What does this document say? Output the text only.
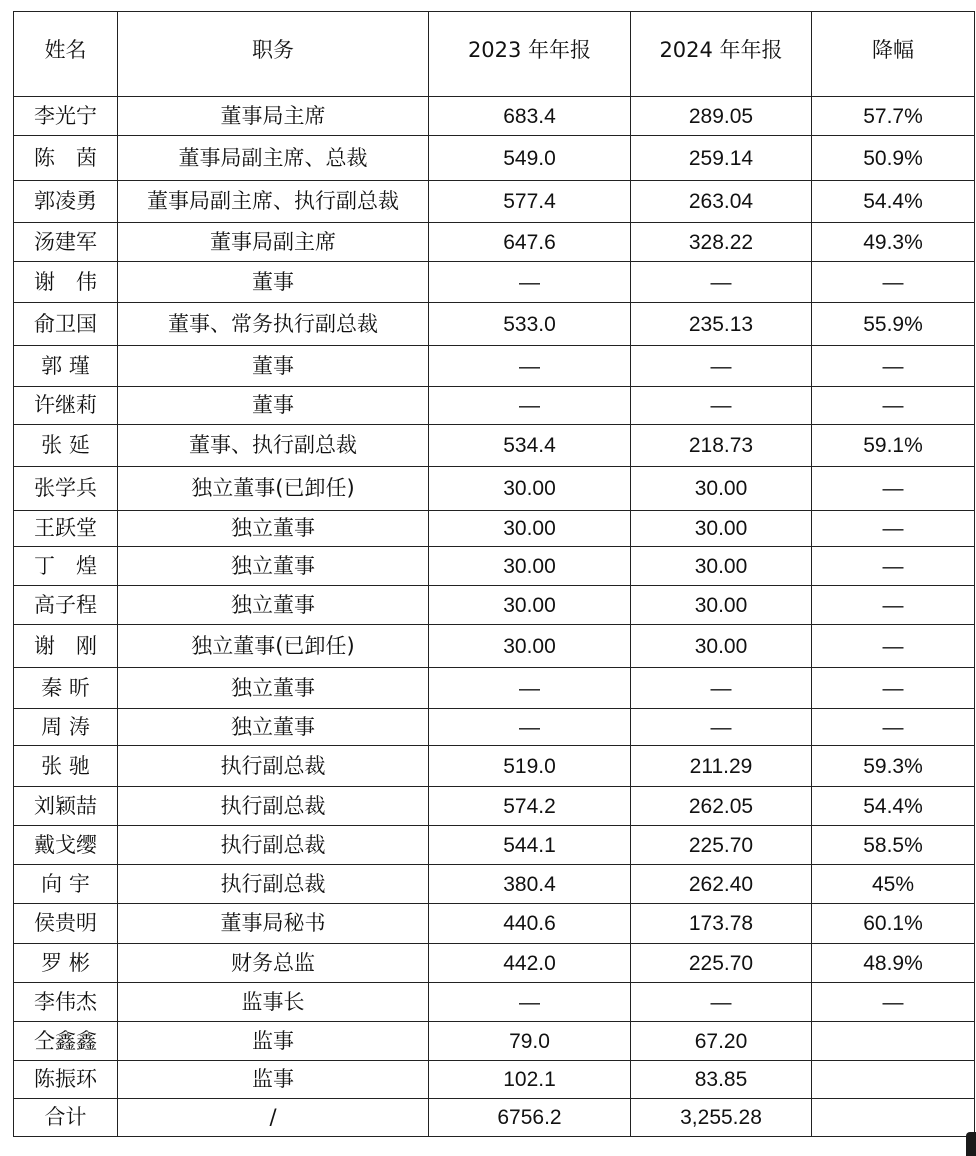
姓名	职务	2023 年年报	2024 年年报	降幅
李光宁	董事局主席	683.4	289.05	57.7%
陈　茵	董事局副主席、总裁	549.0	259.14	50.9%
郭凌勇	董事局副主席、执行副总裁	577.4	263.04	54.4%
汤建军	董事局副主席	647.6	328.22	49.3%
谢　伟	董事	—	—	—
俞卫国	董事、常务执行副总裁	533.0	235.13	55.9%
郭 瑾	董事	—	—	—
许继莉	董事	—	—	—
张 延	董事、执行副总裁	534.4	218.73	59.1%
张学兵	独立董事(已卸任)	30.00	30.00	—
王跃堂	独立董事	30.00	30.00	—
丁　煌	独立董事	30.00	30.00	—
高子程	独立董事	30.00	30.00	—
谢　刚	独立董事(已卸任)	30.00	30.00	—
秦 昕	独立董事	—	—	—
周 涛	独立董事	—	—	—
张 驰	执行副总裁	519.0	211.29	59.3%
刘颖喆	执行副总裁	574.2	262.05	54.4%
戴戈缨	执行副总裁	544.1	225.70	58.5%
向 宇	执行副总裁	380.4	262.40	45%
侯贵明	董事局秘书	440.6	173.78	60.1%
罗 彬	财务总监	442.0	225.70	48.9%
李伟杰	监事长	—	—	—
仝鑫鑫	监事	79.0	67.20	
陈振环	监事	102.1	83.85	
合计	/	6756.2	3,255.28	
